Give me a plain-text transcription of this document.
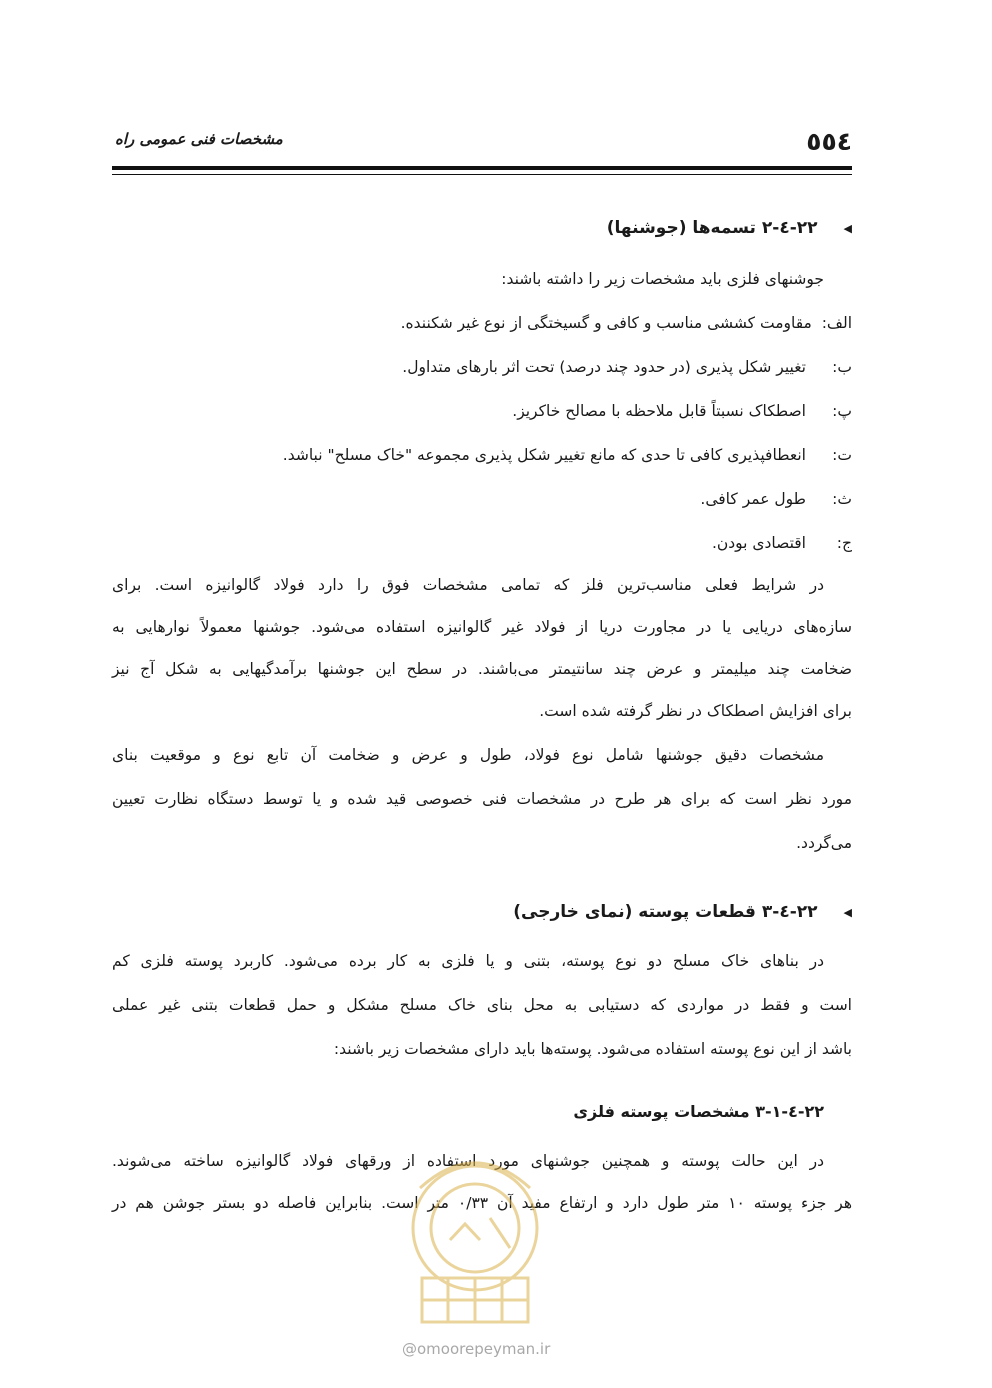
٥٥٤
مشخصات فنی عمومی راه
◀۲۲-٤-۲ تسمه‌ها (جوشنها)
جوشنهای فلزی باید مشخصات زیر را داشته باشند:
الف:  مقاومت کششی مناسب و کافی و گسیختگی از نوع غیر شکننده.
ب:
تغییر شکل پذیری (در حدود چند درصد) تحت اثر بارهای متداول.
پ:
اصطکاک نسبتاً قابل ملاحظه با مصالح خاکریز.
ت:
انعطافپذیری کافی تا حدی که مانع تغییر شکل پذیری مجموعه "خاک مسلح" نباشد.
ث:
طول عمر کافی.
ج:
اقتصادی بودن.
در شرایط فعلی مناسب‌ترین فلز که تمامی مشخصات فوق را دارد فولاد گالوانیزه است. برای
سازه‌های دریایی یا در مجاورت دریا از فولاد غیر گالوانیزه استفاده می‌شود. جوشنها معمولاً نوارهایی به
ضخامت چند میلیمتر و عرض چند سانتیمتر می‌باشند. در سطح این جوشنها برآمدگیهایی به شکل آج نیز
برای افزایش اصطکاک در نظر گرفته شده است.
مشخصات دقیق جوشنها شامل نوع فولاد، طول و عرض و ضخامت آن تابع نوع و موقعیت بنای
مورد نظر است که برای هر طرح در مشخصات فنی خصوصی قید شده و یا توسط دستگاه نظارت تعیین
می‌گردد.
◀۲۲-٤-۳ قطعات پوسته (نمای خارجی)
در بناهای خاک مسلح دو نوع پوسته، بتنی و یا فلزی به کار برده می‌شود. کاربرد پوسته فلزی کم
است و فقط در مواردی که دستیابی به محل بنای خاک مسلح مشکل و حمل قطعات بتنی غیر عملی
باشد از این نوع پوسته استفاده می‌شود. پوسته‌ها باید دارای مشخصات زیر باشند:
۲۲-٤-۳-۱ مشخصات پوسته فلزی
در این حالت پوسته و همچنین جوشنهای مورد استفاده از ورقهای فولاد گالوانیزه ساخته می‌شوند.
هر جزء پوسته ۱۰ متر طول دارد و ارتفاع مفید آن ۰/۳۳ متر است. بنابراین فاصله دو بستر جوشن هم در
@omoorepeyman.ir
